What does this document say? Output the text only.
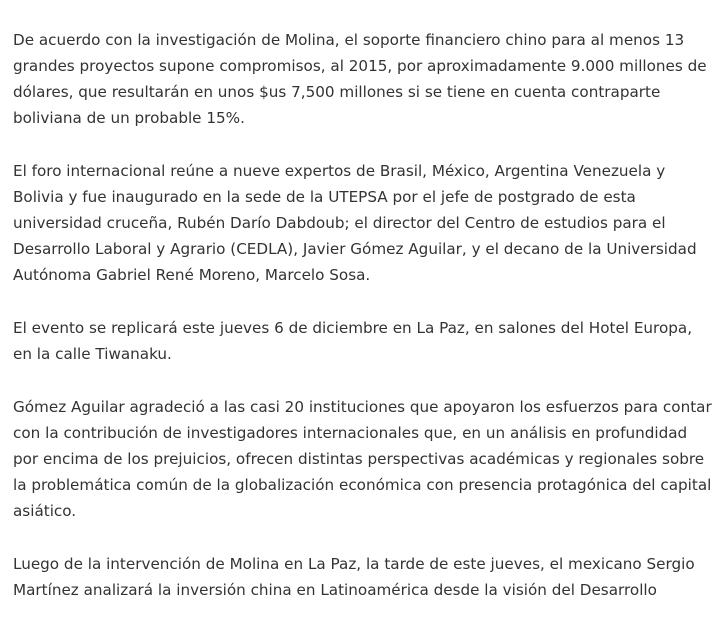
De acuerdo con la investigación de Molina, el soporte financiero chino para al menos 13 grandes proyectos supone compromisos, al 2015, por aproximadamente 9.000 millones de dólares, que resultarán en unos $us 7,500 millones si se tiene en cuenta contraparte boliviana de un probable 15%.

El foro internacional reúne a nueve expertos de Brasil, México, Argentina Venezuela y Bolivia y fue inaugurado en la sede de la UTEPSA por el jefe de postgrado de esta universidad cruceña, Rubén Darío Dabdoub; el director del Centro de estudios para el Desarrollo Laboral y Agrario (CEDLA), Javier Gómez Aguilar, y el decano de la Universidad Autónoma Gabriel René Moreno, Marcelo Sosa.

El evento se replicará este jueves 6 de diciembre en La Paz, en salones del Hotel Europa, en la calle Tiwanaku.

Gómez Aguilar agradeció a las casi 20 instituciones que apoyaron los esfuerzos para contar con la contribución de investigadores internacionales que, en un análisis en profundidad por encima de los prejuicios, ofrecen distintas perspectivas académicas y regionales sobre la problemática común de la globalización económica con presencia protagónica del capital asiático.

Luego de la intervención de Molina en La Paz, la tarde de este jueves, el mexicano Sergio Martínez analizará la inversión china en Latinoamérica desde la visión del Desarrollo
